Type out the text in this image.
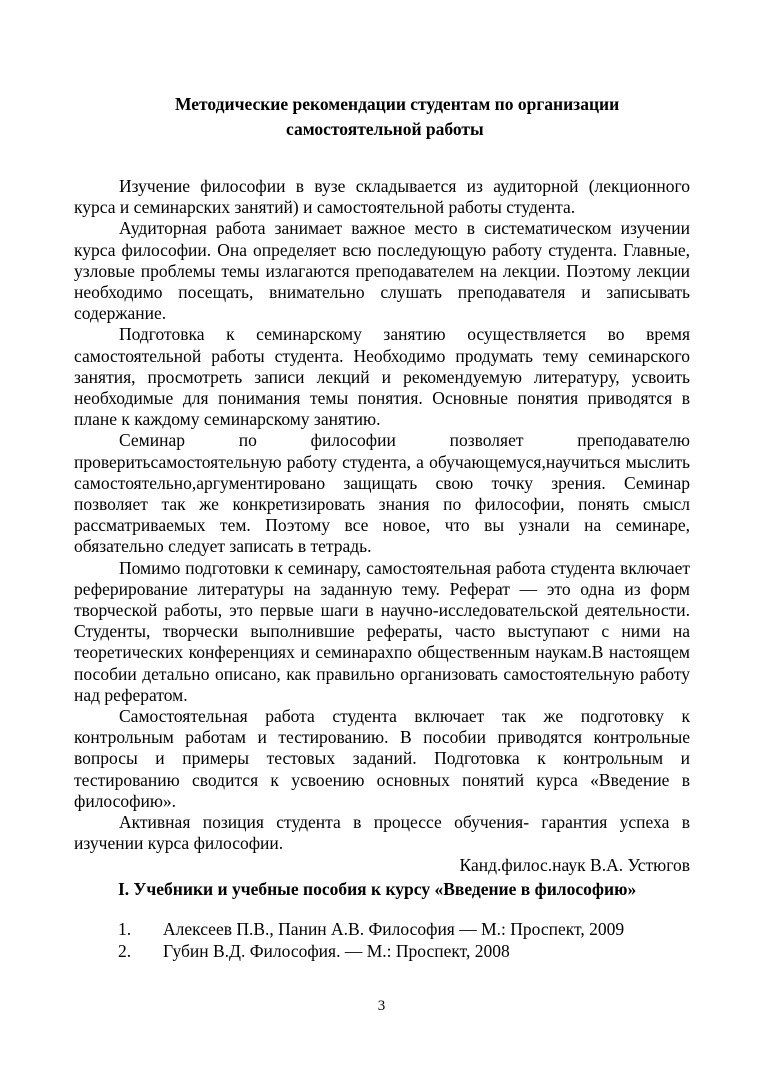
Методические рекомендации студентам по организации
самостоятельной работы

Изучение философии в вузе складывается из аудиторной (лекционного курса и семинарских занятий) и самостоятельной работы студента.

Аудиторная работа занимает важное место в систематическом изучении курса философии. Она определяет всю последующую работу студента. Главные, узловые проблемы темы излагаются преподавателем на лекции. Поэтому лекции необходимо посещать, внимательно слушать преподавателя и записывать содержание.

Подготовка к семинарскому занятию осуществляется во время самостоятельной работы студента. Необходимо продумать тему семинарского занятия, просмотреть записи лекций и рекомендуемую литературу, усвоить необходимые для понимания темы понятия. Основные понятия приводятся в плане к каждому семинарскому занятию.

Семинар по философии позволяет преподавателю проверитьсамостоятельную работу студента, а обучающемуся,научиться мыслить самостоятельно,аргументировано защищать свою точку зрения. Семинар позволяет так же конкретизировать знания по философии, понять смысл рассматриваемых тем. Поэтому все новое, что вы узнали на семинаре, обязательно следует записать в тетрадь.

Помимо подготовки к семинару, самостоятельная работа студента включает реферирование литературы на заданную тему. Реферат — это одна из форм творческой работы, это первые шаги в научно-исследовательской деятельности. Студенты, творчески выполнившие рефераты, часто выступают с ними на теоретических конференциях и семинарахпо общественным наукам.В настоящем пособии детально описано, как правильно организовать самостоятельную работу над рефератом.

Самостоятельная работа студента включает так же подготовку к контрольным работам и тестированию. В пособии приводятся контрольные вопросы и примеры тестовых заданий. Подготовка к контрольным и тестированию сводится к усвоению основных понятий курса «Введение в философию».

Активная позиция студента в процессе обучения- гарантия успеха в изучении курса философии.

Канд.филос.наук В.А. Устюгов
I. Учебники и учебные пособия к курсу «Введение в философию»
1.	Алексеев П.В., Панин А.В. Философия — М.: Проспект, 2009
2.	Губин В.Д. Философия. — М.: Проспект, 2008
3
